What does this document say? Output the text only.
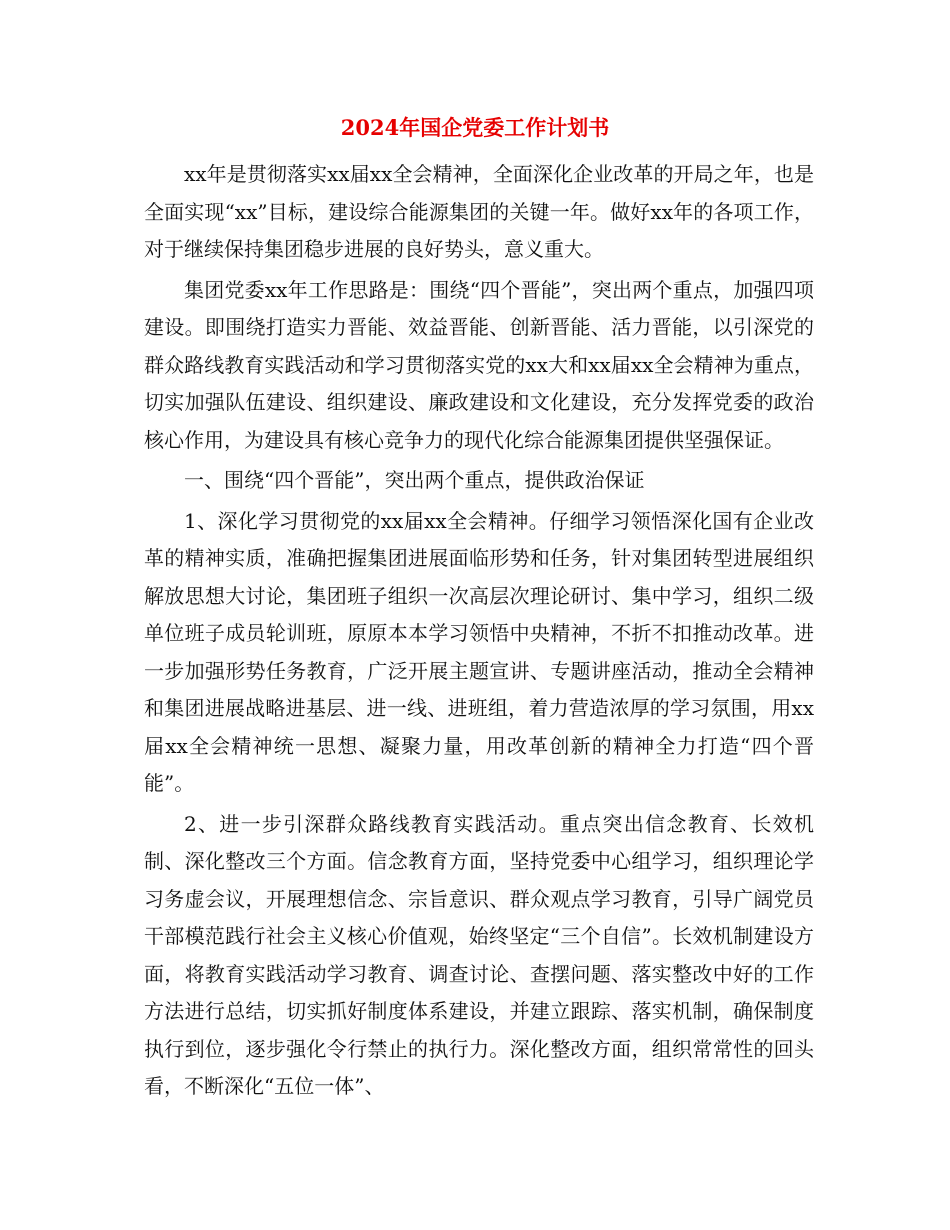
2024年国企党委工作计划书

xx年是贯彻落实xx届xx全会精神，全面深化企业改革的开局之年，也是全面实现“xx”目标，建设综合能源集团的关键一年。做好xx年的各项工作，对于继续保持集团稳步进展的良好势头，意义重大。

集团党委xx年工作思路是：围绕“四个晋能”，突出两个重点，加强四项建设。即围绕打造实力晋能、效益晋能、创新晋能、活力晋能，以引深党的群众路线教育实践活动和学习贯彻落实党的xx大和xx届xx全会精神为重点，切实加强队伍建设、组织建设、廉政建设和文化建设，充分发挥党委的政治核心作用，为建设具有核心竞争力的现代化综合能源集团提供坚强保证。

一、围绕“四个晋能”，突出两个重点，提供政治保证

1、深化学习贯彻党的xx届xx全会精神。仔细学习领悟深化国有企业改革的精神实质，准确把握集团进展面临形势和任务，针对集团转型进展组织解放思想大讨论，集团班子组织一次高层次理论研讨、集中学习，组织二级单位班子成员轮训班，原原本本学习领悟中央精神，不折不扣推动改革。进一步加强形势任务教育，广泛开展主题宣讲、专题讲座活动，推动全会精神和集团进展战略进基层、进一线、进班组，着力营造浓厚的学习氛围，用xx届xx全会精神统一思想、凝聚力量，用改革创新的精神全力打造“四个晋能”。

2、进一步引深群众路线教育实践活动。重点突出信念教育、长效机制、深化整改三个方面。信念教育方面，坚持党委中心组学习，组织理论学习务虚会议，开展理想信念、宗旨意识、群众观点学习教育，引导广阔党员干部模范践行社会主义核心价值观，始终坚定“三个自信”。长效机制建设方面，将教育实践活动学习教育、调查讨论、查摆问题、落实整改中好的工作方法进行总结，切实抓好制度体系建设，并建立跟踪、落实机制，确保制度执行到位，逐步强化令行禁止的执行力。深化整改方面，组织常常性的回头看，不断深化“五位一体”、
